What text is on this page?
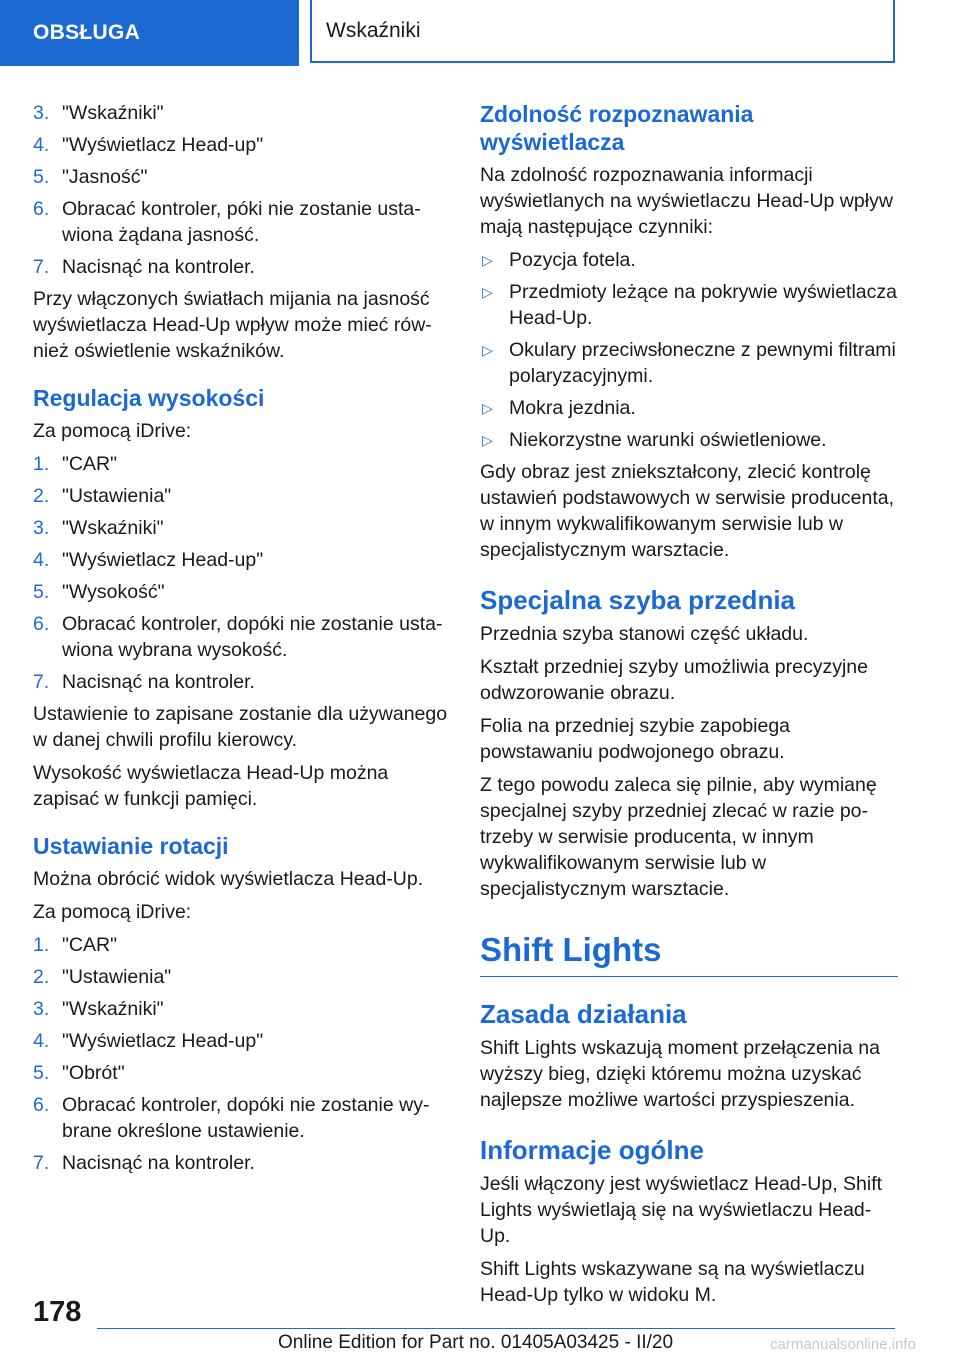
OBSŁUGA	Wskaźniki
3. "Wskaźniki"
4. "Wyświetlacz Head-up"
5. "Jasność"
6. Obracać kontroler, póki nie zostanie ustawiona żądana jasność.
7. Nacisnąć na kontroler.

Przy włączonych światłach mijania na jasność wyświetlacza Head-Up wpływ może mieć również oświetlenie wskaźników.

Regulacja wysokości

Za pomocą iDrive:

1. "CAR"
2. "Ustawienia"
3. "Wskaźniki"
4. "Wyświetlacz Head-up"
5. "Wysokość"
6. Obracać kontroler, dopóki nie zostanie ustawiona wybrana wysokość.
7. Nacisnąć na kontroler.

Ustawienie to zapisane zostanie dla używanego w danej chwili profilu kierowcy.

Wysokość wyświetlacza Head-Up można zapisać w funkcji pamięci.

Ustawianie rotacji

Można obrócić widok wyświetlacza Head-Up.

Za pomocą iDrive:

1. "CAR"
2. "Ustawienia"
3. "Wskaźniki"
4. "Wyświetlacz Head-up"
5. "Obrót"
6. Obracać kontroler, dopóki nie zostanie wybrane określone ustawienie.
7. Nacisnąć na kontroler.
Zdolność rozpoznawania wyświetlacza

Na zdolność rozpoznawania informacji wyświetlanych na wyświetlaczu Head-Up wpływ mają następujące czynniki:

▷ Pozycja fotela.
▷ Przedmioty leżące na pokrywie wyświetlacza Head-Up.
▷ Okulary przeciwsłoneczne z pewnymi filtrami polaryzacyjnymi.
▷ Mokra jezdnia.
▷ Niekorzystne warunki oświetleniowe.

Gdy obraz jest zniekształcony, zlecić kontrolę ustawień podstawowych w serwisie producenta, w innym wykwalifikowanym serwisie lub w specjalistycznym warsztacie.

Specjalna szyba przednia

Przednia szyba stanowi część układu.

Kształt przedniej szyby umożliwia precyzyjne odwzorowanie obrazu.

Folia na przedniej szybie zapobiega powstawaniu podwojonego obrazu.

Z tego powodu zaleca się pilnie, aby wymianę specjalnej szyby przedniej zlecać w razie potrzeby w serwisie producenta, w innym wykwalifikowanym serwisie lub w specjalistycznym warsztacie.

Shift Lights
Zasada działania

Shift Lights wskazują moment przełączenia na wyższy bieg, dzięki któremu można uzyskać najlepsze możliwe wartości przyspieszenia.

Informacje ogólne

Jeśli włączony jest wyświetlacz Head-Up, Shift Lights wyświetlają się na wyświetlaczu Head-Up.

Shift Lights wskazywane są na wyświetlaczu Head-Up tylko w widoku M.

178
Online Edition for Part no. 01405A03425 - II/20	carmanualsonline.info
